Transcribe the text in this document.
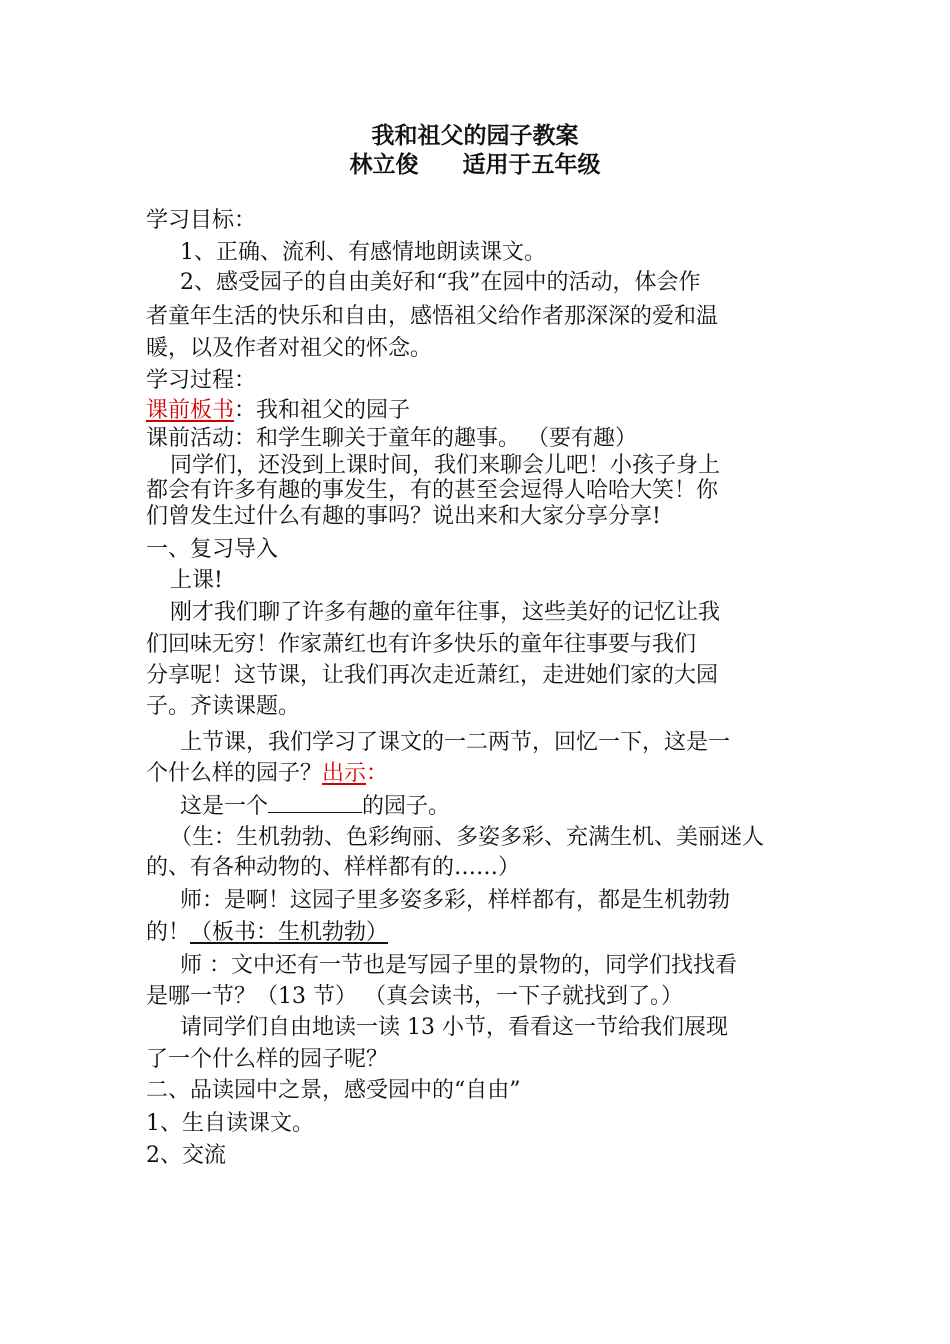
我和祖父的园子教案
林立俊 适用于五年级
学习目标：
1、正确、流利、有感情地朗读课文。
2、感受园子的自由美好和“我”在园中的活动，体会作
者童年生活的快乐和自由，感悟祖父给作者那深深的爱和温
暖，以及作者对祖父的怀念。
学习过程：
课前板书：我和祖父的园子
课前活动：和学生聊关于童年的趣事。 （要有趣）
同学们，还没到上课时间，我们来聊会儿吧！小孩子身上
都会有许多有趣的事发生，有的甚至会逗得人哈哈大笑！你
们曾发生过什么有趣的事吗？说出来和大家分享分享!
一、复习导入
上课!
刚才我们聊了许多有趣的童年往事，这些美好的记忆让我
们回味无穷！作家萧红也有许多快乐的童年往事要与我们
分享呢！这节课，让我们再次走近萧红，走进她们家的大园
子。齐读课题。
上节课，我们学习了课文的一二两节，回忆一下，这是一
个什么样的园子？出示：
这是一个	的园子。
（生：生机勃勃、色彩绚丽、多姿多彩、充满生机、美丽迷人
的、有各种动物的、样样都有的……）
师：是啊！这园子里多姿多彩，样样都有，都是生机勃勃
的！（板书：生机勃勃）
师 ：文中还有一节也是写园子里的景物的，同学们找找看
是哪一节？（13 节） （真会读书，一下子就找到了。）
请同学们自由地读一读 13 小节，看看这一节给我们展现
了一个什么样的园子呢？
二、品读园中之景，感受园中的“自由”
1、生自读课文。
2、交流
